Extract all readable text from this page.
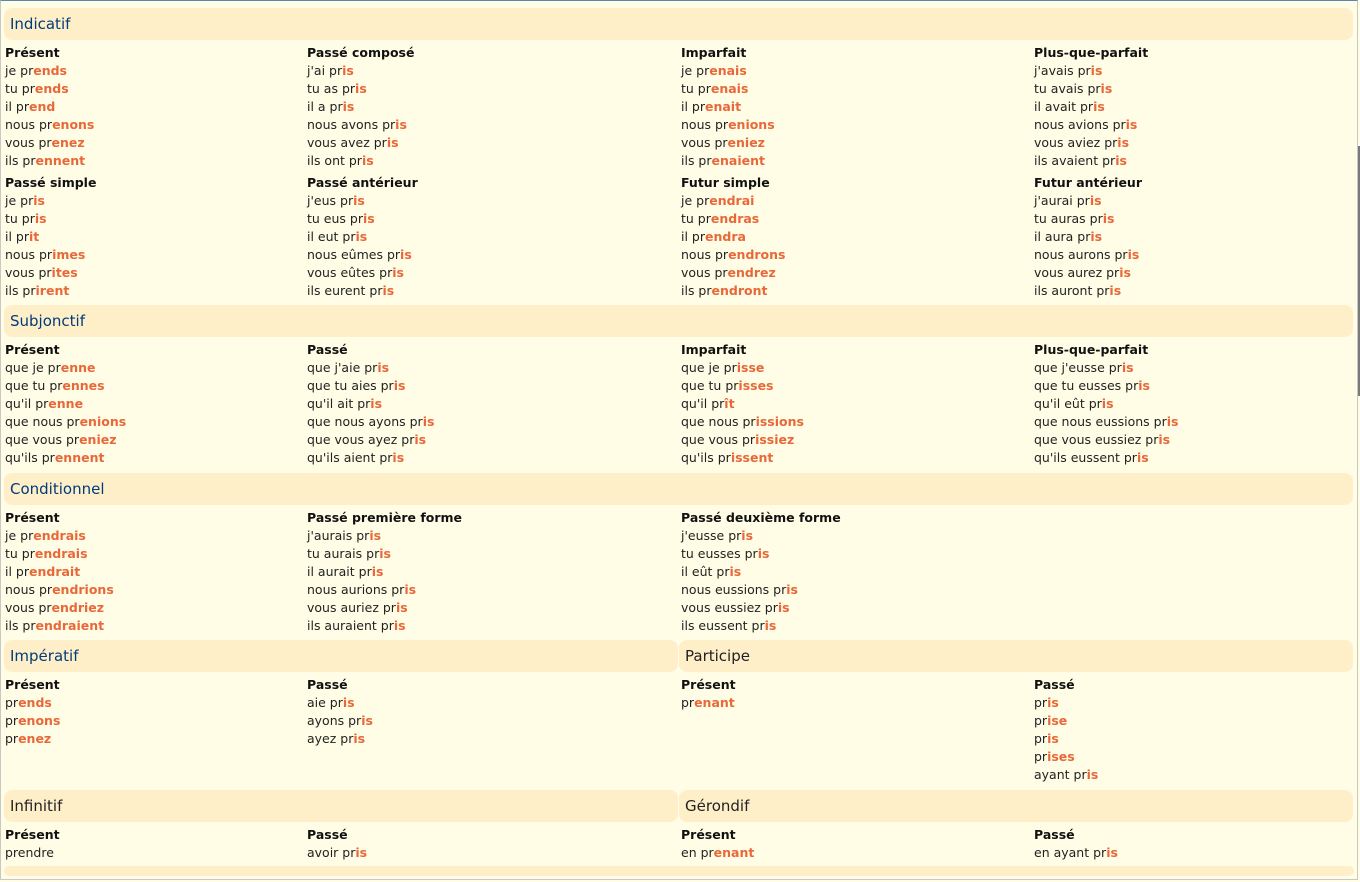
Indicatif
Subjonctif
Conditionnel
Impératif	Participe
Infinitif	Gérondif
Présent
je prends
tu prends
il prend
nous prenons
vous prenez
ils prennent
Passé composé
j'ai pris
tu as pris
il a pris
nous avons pris
vous avez pris
ils ont pris
Imparfait
je prenais
tu prenais
il prenait
nous prenions
vous preniez
ils prenaient
Plus-que-parfait
j'avais pris
tu avais pris
il avait pris
nous avions pris
vous aviez pris
ils avaient pris
Passé simple
je pris
tu pris
il prit
nous primes
vous prites
ils prirent
Passé antérieur
j'eus pris
tu eus pris
il eut pris
nous eûmes pris
vous eûtes pris
ils eurent pris
Futur simple
je prendrai
tu prendras
il prendra
nous prendrons
vous prendrez
ils prendront
Futur antérieur
j'aurai pris
tu auras pris
il aura pris
nous aurons pris
vous aurez pris
ils auront pris
Présent
que je prenne
que tu prennes
qu'il prenne
que nous prenions
que vous preniez
qu'ils prennent
Passé
que j'aie pris
que tu aies pris
qu'il ait pris
que nous ayons pris
que vous ayez pris
qu'ils aient pris
Imparfait
que je prisse
que tu prisses
qu'il prît
que nous prissions
que vous prissiez
qu'ils prissent
Plus-que-parfait
que j'eusse pris
que tu eusses pris
qu'il eût pris
que nous eussions pris
que vous eussiez pris
qu'ils eussent pris
Présent
je prendrais
tu prendrais
il prendrait
nous prendrions
vous prendriez
ils prendraient
Passé première forme
j'aurais pris
tu aurais pris
il aurait pris
nous aurions pris
vous auriez pris
ils auraient pris
Passé deuxième forme
j'eusse pris
tu eusses pris
il eût pris
nous eussions pris
vous eussiez pris
ils eussent pris
Présent
prends
prenons
prenez
Passé
aie pris
ayons pris
ayez pris
Présent
prenant
Passé
pris
prise
pris
prises
ayant pris
Présent
prendre
Passé
avoir pris
Présent
en prenant
Passé
en ayant pris
